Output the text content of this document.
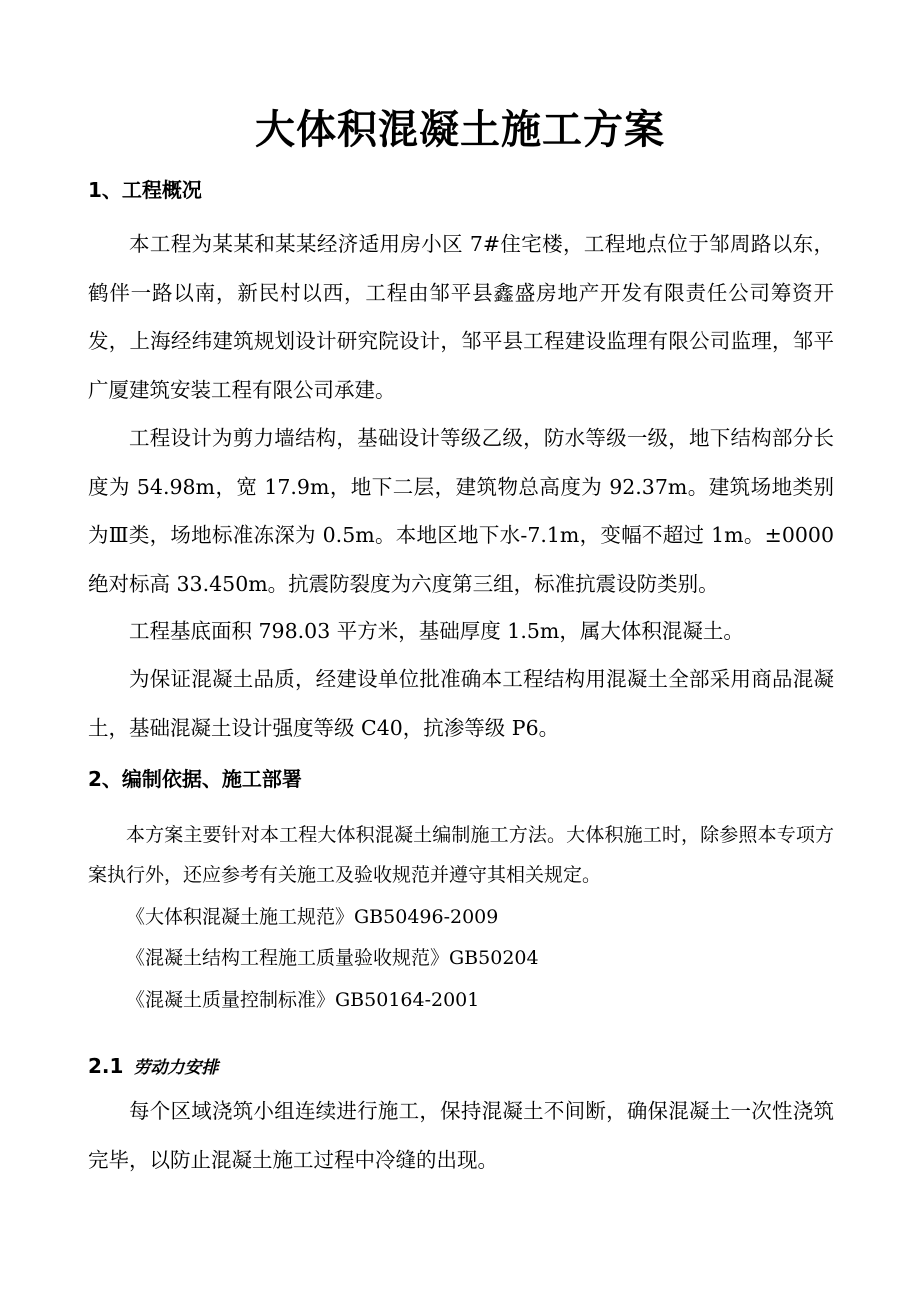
大体积混凝土施工方案
1、工程概况

本工程为某某和某某经济适用房小区 7#住宅楼，工程地点位于邹周路以东，鹤伴一路以南，新民村以西，工程由邹平县鑫盛房地产开发有限责任公司筹资开发，上海经纬建筑规划设计研究院设计，邹平县工程建设监理有限公司监理，邹平广厦建筑安装工程有限公司承建。

工程设计为剪力墙结构，基础设计等级乙级，防水等级一级，地下结构部分长度为 54.98m，宽 17.9m，地下二层，建筑物总高度为 92.37m。建筑场地类别为Ⅲ类，场地标准冻深为 0.5m。本地区地下水-7.1m，变幅不超过 1m。±0000 绝对标高 33.450m。抗震防裂度为六度第三组，标准抗震设防类别。

工程基底面积 798.03 平方米，基础厚度 1.5m，属大体积混凝土。

为保证混凝土品质，经建设单位批准确本工程结构用混凝土全部采用商品混凝土，基础混凝土设计强度等级 C40，抗渗等级 P6。

2、编制依据、施工部署

本方案主要针对本工程大体积混凝土编制施工方法。大体积施工时，除参照本专项方案执行外，还应参考有关施工及验收规范并遵守其相关规定。

《大体积混凝土施工规范》GB50496-2009

《混凝土结构工程施工质量验收规范》GB50204

《混凝土质量控制标准》GB50164-2001

2.1 劳动力安排

每个区域浇筑小组连续进行施工，保持混凝土不间断，确保混凝土一次性浇筑完毕，以防止混凝土施工过程中冷缝的出现。
